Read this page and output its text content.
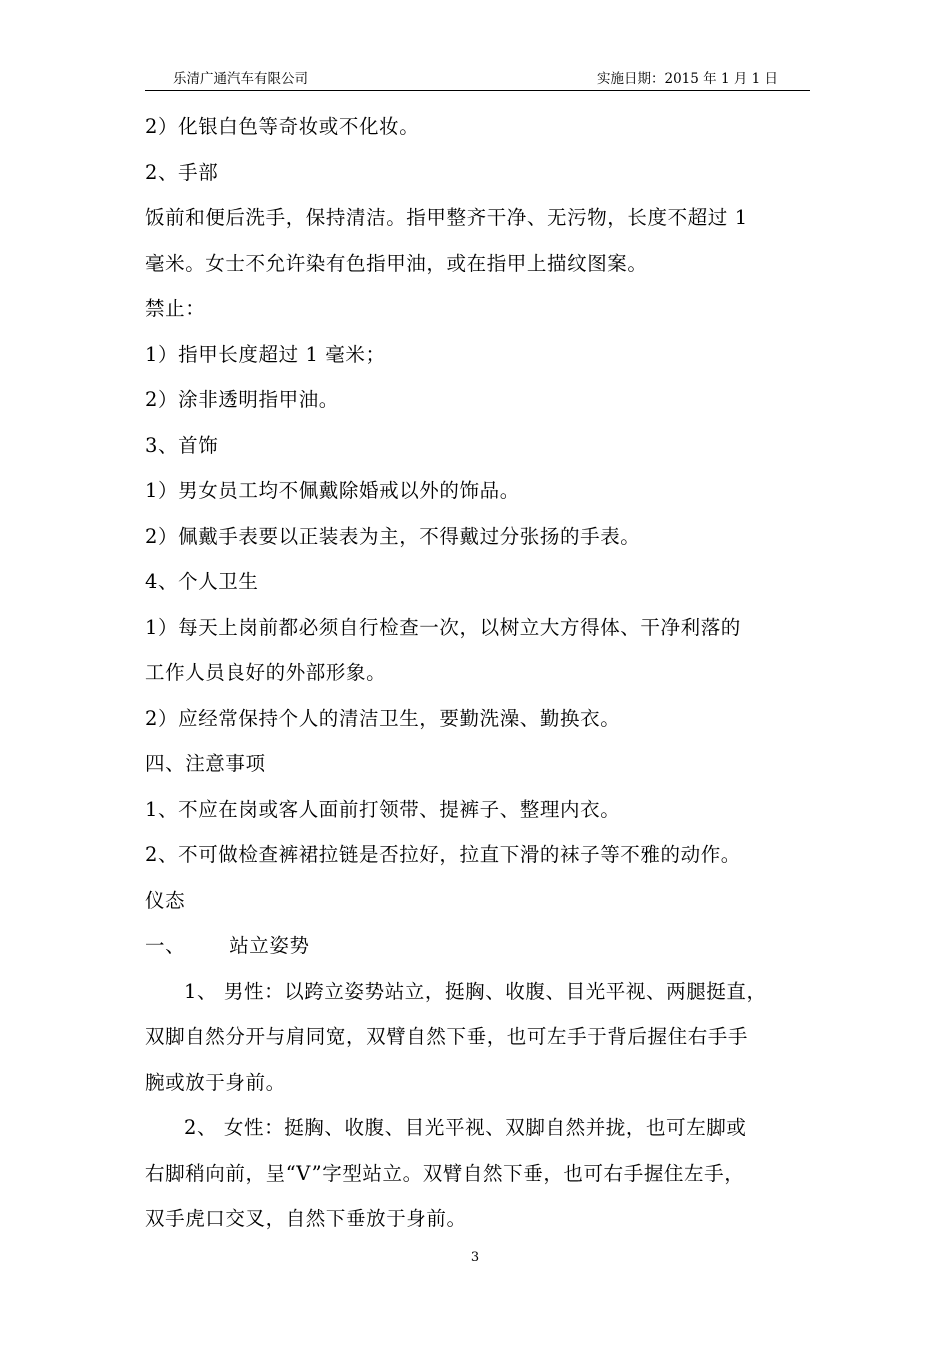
乐清广通汽车有限公司	实施日期：2015 年 1 月 1 日

2）化银白色等奇妆或不化妆。

2、手部

饭前和便后洗手，保持清洁。指甲整齐干净、无污物，长度不超过 1

毫米。女士不允许染有色指甲油，或在指甲上描纹图案。

禁止：

1）指甲长度超过 1 毫米；

2）涂非透明指甲油。

3、首饰

1）男女员工均不佩戴除婚戒以外的饰品。

2）佩戴手表要以正装表为主，不得戴过分张扬的手表。

4、个人卫生

1）每天上岗前都必须自行检查一次，以树立大方得体、干净利落的

工作人员良好的外部形象。

2）应经常保持个人的清洁卫生，要勤洗澡、勤换衣。

四、注意事项

1、不应在岗或客人面前打领带、提裤子、整理内衣。

2、不可做检查裤裙拉链是否拉好，拉直下滑的袜子等不雅的动作。

仪态

一、 站立姿势

1、 男性：以跨立姿势站立，挺胸、收腹、目光平视、两腿挺直，

双脚自然分开与肩同宽，双臂自然下垂，也可左手于背后握住右手手

腕或放于身前。

2、 女性：挺胸、收腹、目光平视、双脚自然并拢，也可左脚或

右脚稍向前，呈“V”字型站立。双臂自然下垂，也可右手握住左手，

双手虎口交叉，自然下垂放于身前。

3
